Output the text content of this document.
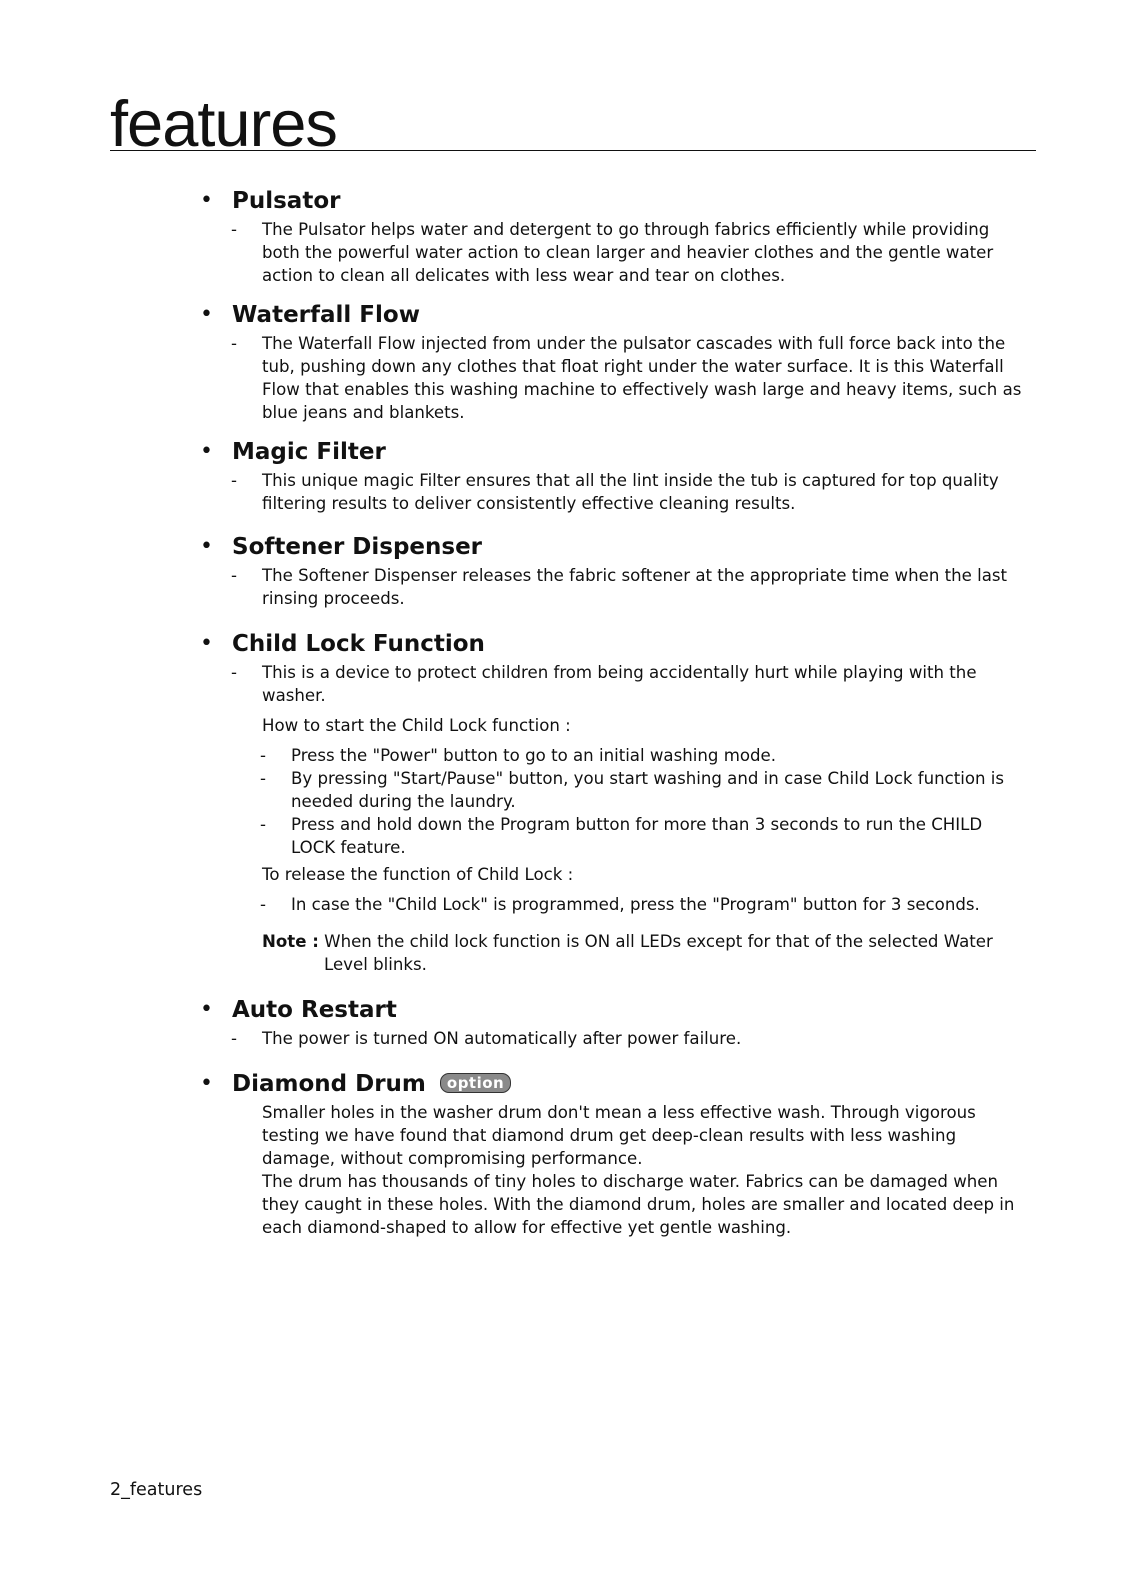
features
• Pulsator
- The Pulsator helps water and detergent to go through fabrics efficiently while providing both the powerful water action to clean larger and heavier clothes and the gentle water action to clean all delicates with less wear and tear on clothes.
• Waterfall Flow
- The Waterfall Flow injected from under the pulsator cascades with full force back into the tub, pushing down any clothes that float right under the water surface. It is this Waterfall Flow that enables this washing machine to effectively wash large and heavy items, such as blue jeans and blankets.
• Magic Filter
- This unique magic Filter ensures that all the lint inside the tub is captured for top quality filtering results to deliver consistently effective cleaning results.
• Softener Dispenser
- The Softener Dispenser releases the fabric softener at the appropriate time when the last rinsing proceeds.
• Child Lock Function
- This is a device to protect children from being accidentally hurt while playing with the washer.
How to start the Child Lock function :
- Press the "Power" button to go to an initial washing mode.
- By pressing "Start/Pause" button, you start washing and in case Child Lock function is needed during the laundry.
- Press and hold down the Program button for more than 3 seconds to run the CHILD LOCK feature.
To release the function of Child Lock :
- In case the "Child Lock" is programmed, press the "Program" button for 3 seconds.
Note : When the child lock function is ON all LEDs except for that of the selected Water
Level blinks.
• Auto Restart
- The power is turned ON automatically after power failure.
• Diamond Drum option
Smaller holes in the washer drum don't mean a less effective wash. Through vigorous testing we have found that diamond drum get deep-clean results with less washing damage, without compromising performance.
The drum has thousands of tiny holes to discharge water. Fabrics can be damaged when they caught in these holes. With the diamond drum, holes are smaller and located deep in each diamond-shaped to allow for effective yet gentle washing.
2_features
